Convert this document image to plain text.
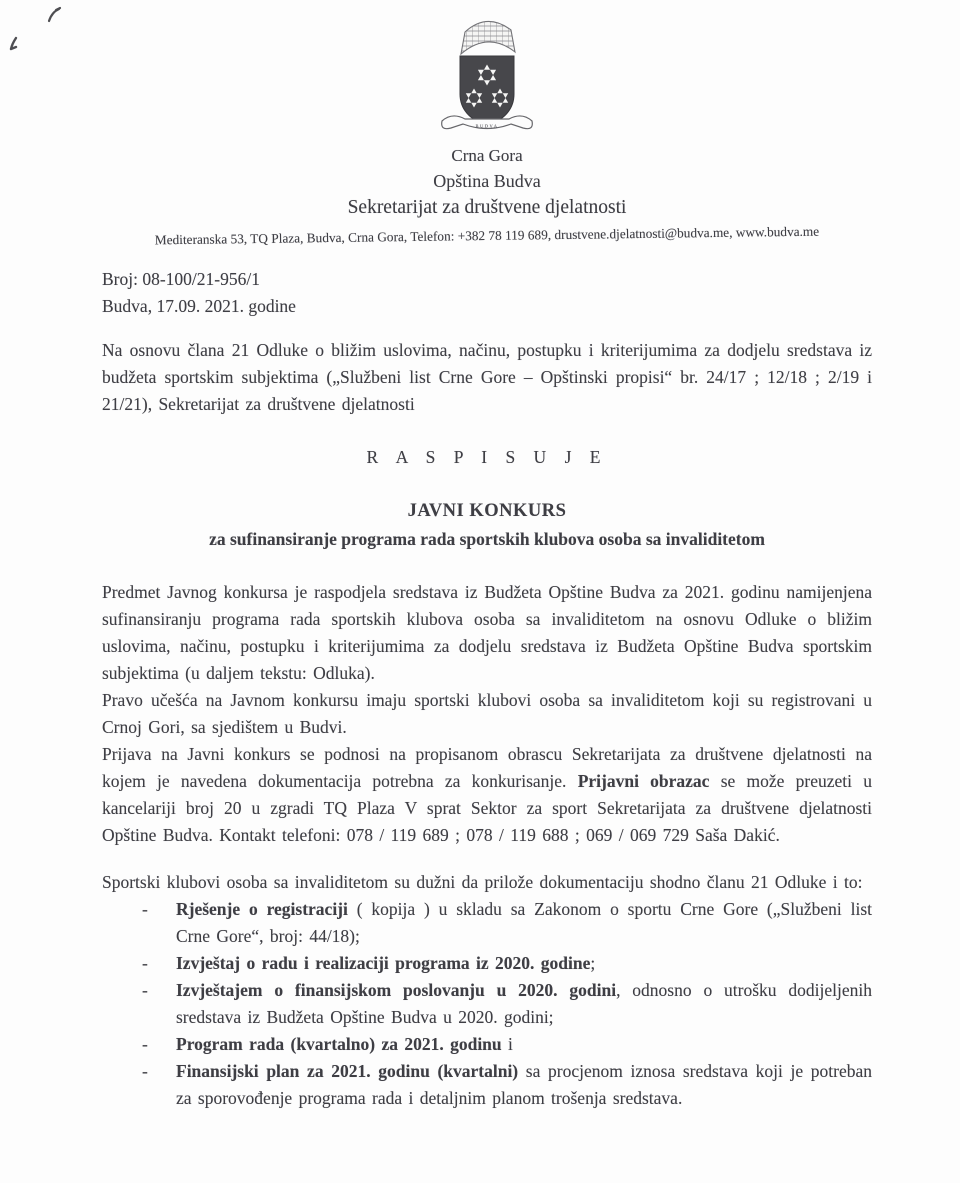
BUDVA
Crna Gora
Opština Budva
Sekretarijat za društvene djelatnosti
Mediteranska 53, TQ Plaza, Budva, Crna Gora, Telefon: +382 78 119 689, drustvene.djelatnosti@budva.me, www.budva.me
Broj: 08-100/21-956/1
Budva, 17.09. 2021. godine

Na osnovu člana 21 Odluke o bližim uslovima, načinu, postupku i kriterijumima za dodjelu sredstava iz budžeta sportskim subjektima („Službeni list Crne Gore – Opštinski propisi“ br. 24/17 ; 12/18 ; 2/19 i 21/21), Sekretarijat za društvene djelatnosti

R A S P I S U J E
JAVNI KONKURS
za sufinansiranje programa rada sportskih klubova osoba sa invaliditetom

Predmet Javnog konkursa je raspodjela sredstava iz Budžeta Opštine Budva za 2021. godinu namijenjena sufinansiranju programa rada sportskih klubova osoba sa invaliditetom na osnovu Odluke o bližim uslovima, načinu, postupku i kriterijumima za dodjelu sredstava iz Budžeta Opštine Budva sportskim subjektima (u daljem tekstu: Odluka).

Pravo učešća na Javnom konkursu imaju sportski klubovi osoba sa invaliditetom koji su registrovani u Crnoj Gori, sa sjedištem u Budvi.

Prijava na Javni konkurs se podnosi na propisanom obrascu Sekretarijata za društvene djelatnosti na kojem je navedena dokumentacija potrebna za konkurisanje. Prijavni obrazac se može preuzeti u kancelariji broj 20 u zgradi TQ Plaza V sprat Sektor za sport Sekretarijata za društvene djelatnosti Opštine Budva. Kontakt telefoni: 078 / 119 689 ; 078 / 119 688 ; 069 / 069 729 Saša Dakić.

Sportski klubovi osoba sa invaliditetom su dužni da prilože dokumentaciju shodno članu 21 Odluke i to:

-	Rješenje o registraciji ( kopija ) u skladu sa Zakonom o sportu Crne Gore („Službeni list Crne Gore“, broj: 44/18);
-	Izvještaj o radu i realizaciji programa iz 2020. godine;
-	Izvještajem o finansijskom poslovanju u 2020. godini, odnosno o utrošku dodijeljenih sredstava iz Budžeta Opštine Budva u 2020. godini;
-	Program rada (kvartalno) za 2021. godinu i
-	Finansijski plan za 2021. godinu (kvartalni) sa procjenom iznosa sredstava koji je potreban za sporovođenje programa rada i detaljnim planom trošenja sredstava.
